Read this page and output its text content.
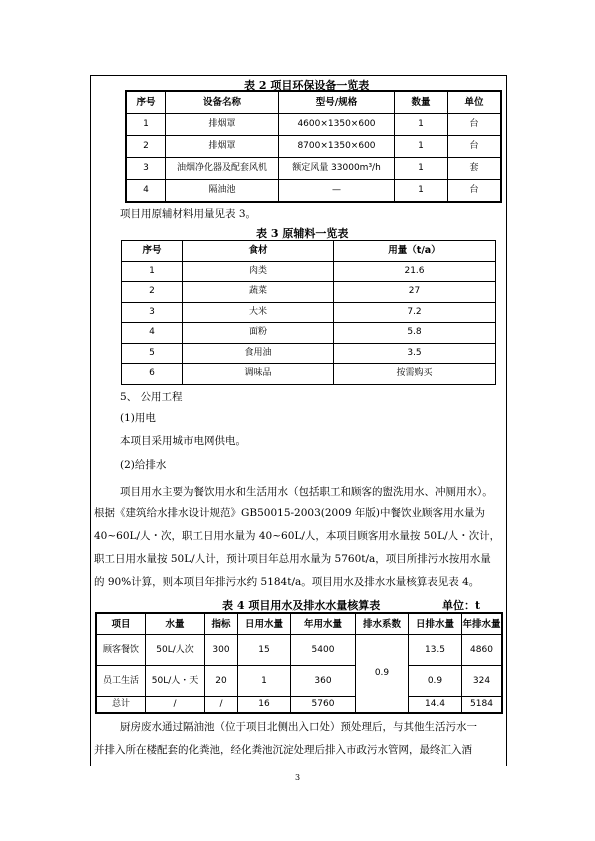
表 2 项目环保设备一览表
序号	设备名称	型号/规格	数量	单位
1	排烟罩	4600×1350×600	1	台
2	排烟罩	8700×1350×600	1	台
3	油烟净化器及配套风机	额定风量 33000m³/h	1	套
4	隔油池	—	1	台
项目用原辅材料用量见表 3。
表 3 原辅料一览表
序号	食材	用量（t/a）
1	肉类	21.6
2	蔬菜	27
3	大米	7.2
4	面粉	5.8
5	食用油	3.5
6	调味品	按需购买
5、 公用工程
(1)用电
本项目采用城市电网供电。
(2)给排水
项目用水主要为餐饮用水和生活用水（包括职工和顾客的盥洗用水、冲厕用水）。
根据《建筑给水排水设计规范》GB50015-2003(2009 年版)中餐饮业顾客用水量为
40~60L/人・次，职工日用水量为 40~60L/人，本项目顾客用水量按 50L/人・次计，
职工日用水量按 50L/人计，预计项目年总用水量为 5760t/a，项目所排污水按用水量
的 90%计算，则本项目年排污水约 5184t/a。项目用水及排水水量核算表见表 4。
表 4 项目用水及排水水量核算表	单位：t
项目	水量	指标	日用水量	年用水量	排水系数	日排水量	年排水量
顾客餐饮	50L/人次	300	15	5400	0.9	13.5	4860
员工生活	50L/人・天	20	1	360		0.9	324
总计	/	/	16	5760		14.4	5184
厨房废水通过隔油池（位于项目北侧出入口处）预处理后，与其他生活污水一
并排入所在楼配套的化粪池，经化粪池沉淀处理后排入市政污水管网，最终汇入酒
3
